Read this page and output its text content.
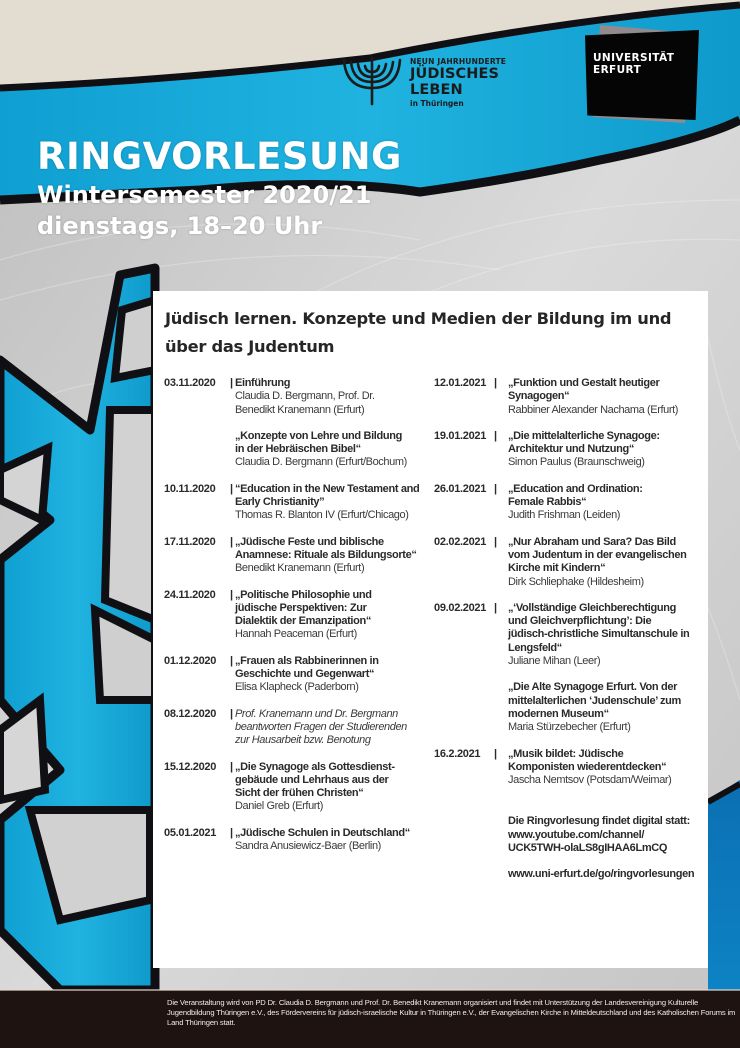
NEUN JAHRHUNDERTE
JÜDISCHES LEBEN
in Thüringen
UNIVERSITÄT
ERFURT
RINGVORLESUNG
Wintersemester 2020/21
dienstags, 18–20 Uhr
Jüdisch lernen. Konzepte und Medien der Bildung im und über das Judentum
03.11.2020 | Einführung
Claudia D. Bergmann, Prof. Dr. Benedikt Kranemann (Erfurt)
„Konzepte von Lehre und Bildung in der Hebräischen Bibel“
Claudia D. Bergmann (Erfurt/Bochum)
10.11.2020 | “Education in the New Testament and Early Christianity”
Thomas R. Blanton IV (Erfurt/Chicago)
17.11.2020 | „Jüdische Feste und biblische Anamnese: Rituale als Bildungsorte“
Benedikt Kranemann (Erfurt)
24.11.2020 | „Politische Philosophie und jüdische Perspektiven: Zur Dialektik der Emanzipation“
Hannah Peaceman (Erfurt)
01.12.2020 | „Frauen als Rabbinerinnen in Geschichte und Gegenwart“
Elisa Klapheck (Paderborn)
08.12.2020 | Prof. Kranemann und Dr. Bergmann beantworten Fragen der Studierenden zur Hausarbeit bzw. Benotung
15.12.2020 | „Die Synagoge als Gottesdienst-gebäude und Lehrhaus aus der Sicht der frühen Christen“
Daniel Greb (Erfurt)
05.01.2021 | „Jüdische Schulen in Deutschland“
Sandra Anusiewicz-Baer (Berlin)
12.01.2021 | „Funktion und Gestalt heutiger Synagogen“
Rabbiner Alexander Nachama (Erfurt)
19.01.2021 | „Die mittelalterliche Synagoge: Architektur und Nutzung“
Simon Paulus (Braunschweig)
26.01.2021 | „Education and Ordination: Female Rabbis“
Judith Frishman (Leiden)
02.02.2021 | „Nur Abraham und Sara? Das Bild vom Judentum in der evangelischen Kirche mit Kindern“
Dirk Schliephake (Hildesheim)
09.02.2021 | „‘Vollständige Gleichberechtigung und Gleichverpflichtung’: Die jüdisch-christliche Simultanschule in Lengsfeld“
Juliane Mihan (Leer)
„Die Alte Synagoge Erfurt. Von der mittelalterlichen ‘Judenschule’ zum modernen Museum“
Maria Stürzebecher (Erfurt)
16.2.2021 | „Musik bildet: Jüdische Komponisten wiederentdecken“
Jascha Nemtsov (Potsdam/Weimar)
Die Ringvorlesung findet digital statt:
www.youtube.com/channel/
UCK5TWH-olaLS8gIHAA6LmCQ
www.uni-erfurt.de/go/ringvorlesungen
Die Veranstaltung wird von PD Dr. Claudia D. Bergmann und Prof. Dr. Benedikt Kranemann organisiert und findet mit Unterstützung der Landesvereinigung Kulturelle Jugendbildung Thüringen e.V., des Fördervereins für jüdisch-israelische Kultur in Thüringen e.V., der Evangelischen Kirche in Mitteldeutschland und des Katholischen Forums im Land Thüringen statt.
